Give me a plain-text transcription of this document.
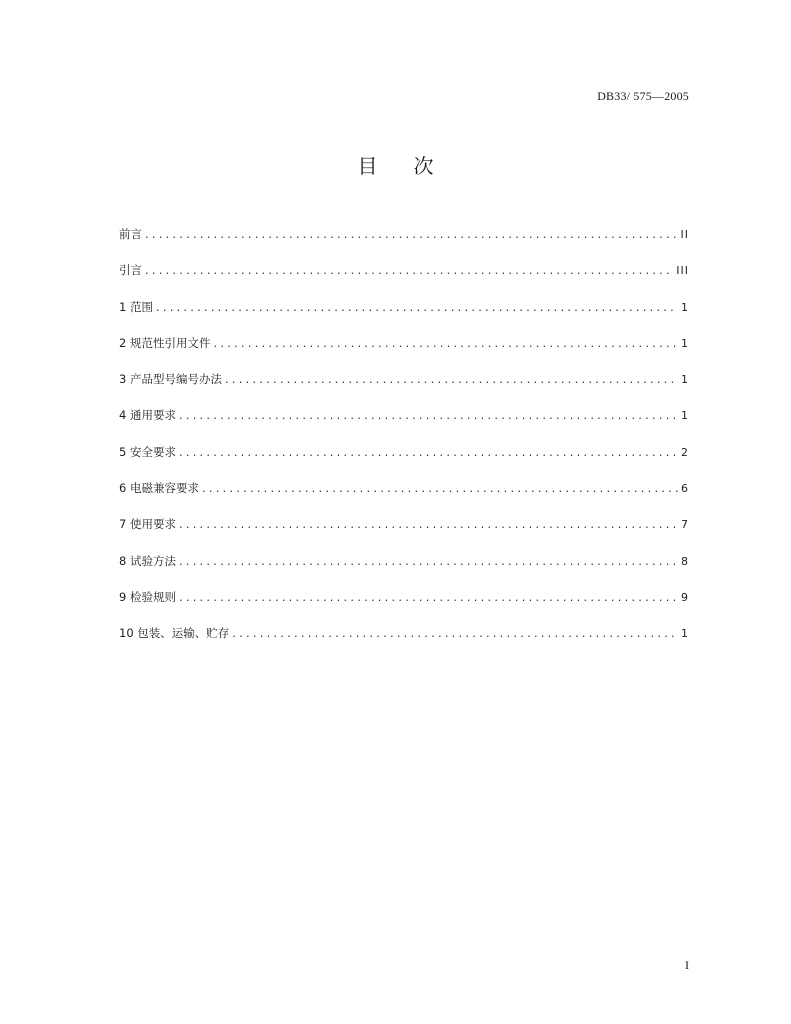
DB33/ 575—2005
目 次
前言 .....	II
引言 .....	III
1 范围 .....	1
2 规范性引用文件 .....	1
3 产品型号编号办法 .....	1
4 通用要求 .....	1
5 安全要求 .....	2
6 电磁兼容要求 .....	6
7 使用要求 .....	7
8 试验方法 .....	8
9 检验规则 .....	9
10 包装、运输、贮存 .....	1
I
